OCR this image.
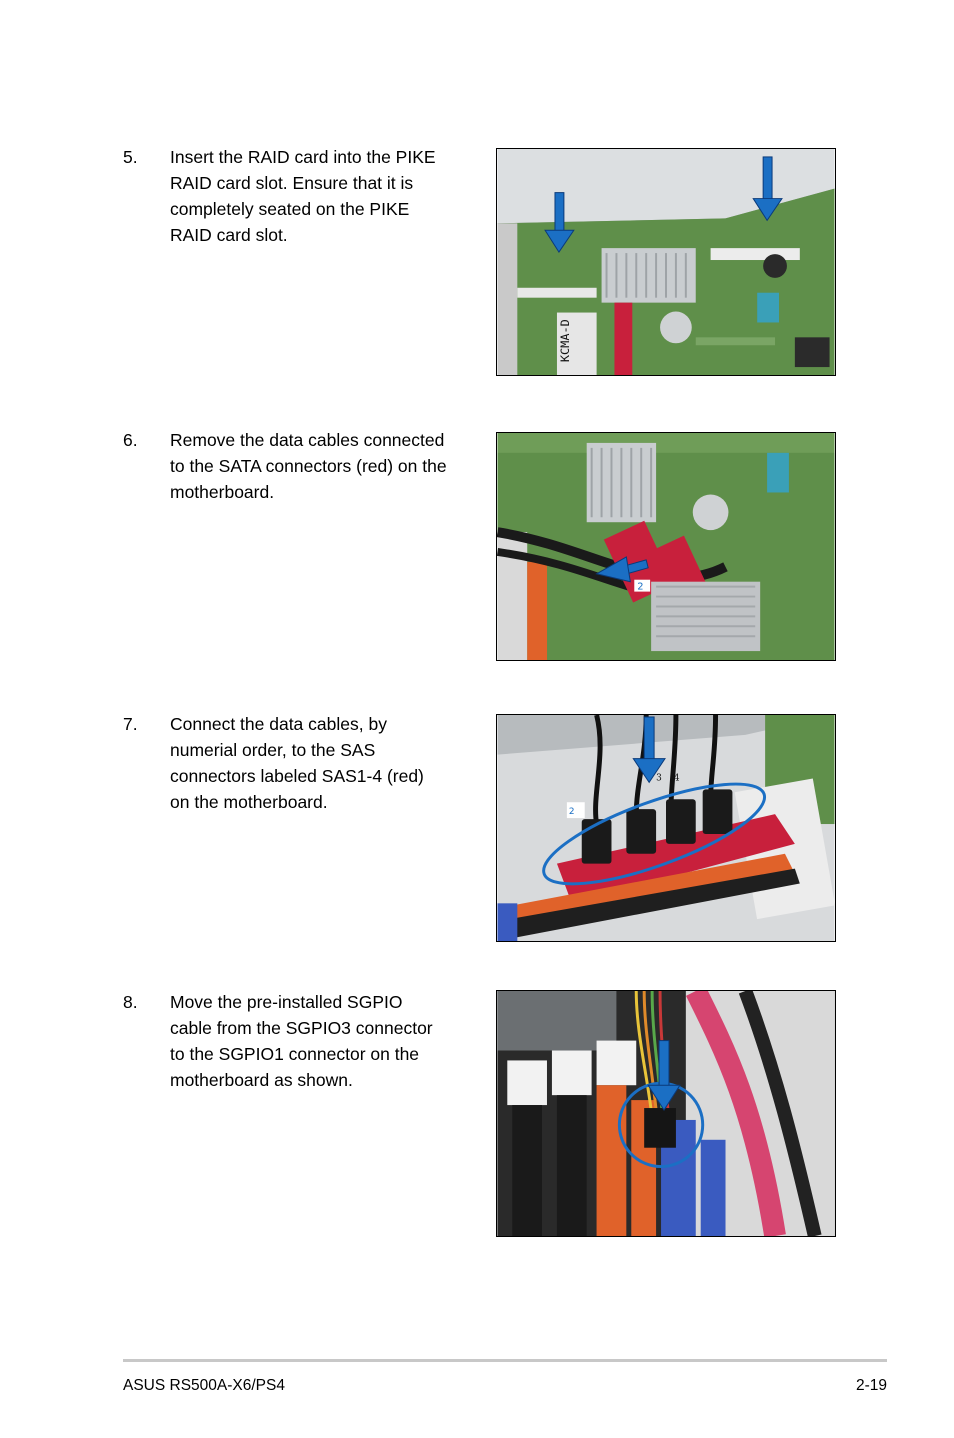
5. Insert the RAID card into the PIKE
RAID card slot. Ensure that it is
completely seated on the PIKE
RAID card slot.
KCMA-D
6. Remove the data cables connected
to the SATA connectors (red) on the
motherboard.
2
7. Connect the data cables, by
numerial order, to the SAS
connectors labeled SAS1-4 (red)
on the motherboard.
2
3 4
8. Move the pre-installed SGPIO
cable from the SGPIO3 connector
to the SGPIO1 connector on the
motherboard as shown.
ASUS RS500A-X6/PS4	2-19
